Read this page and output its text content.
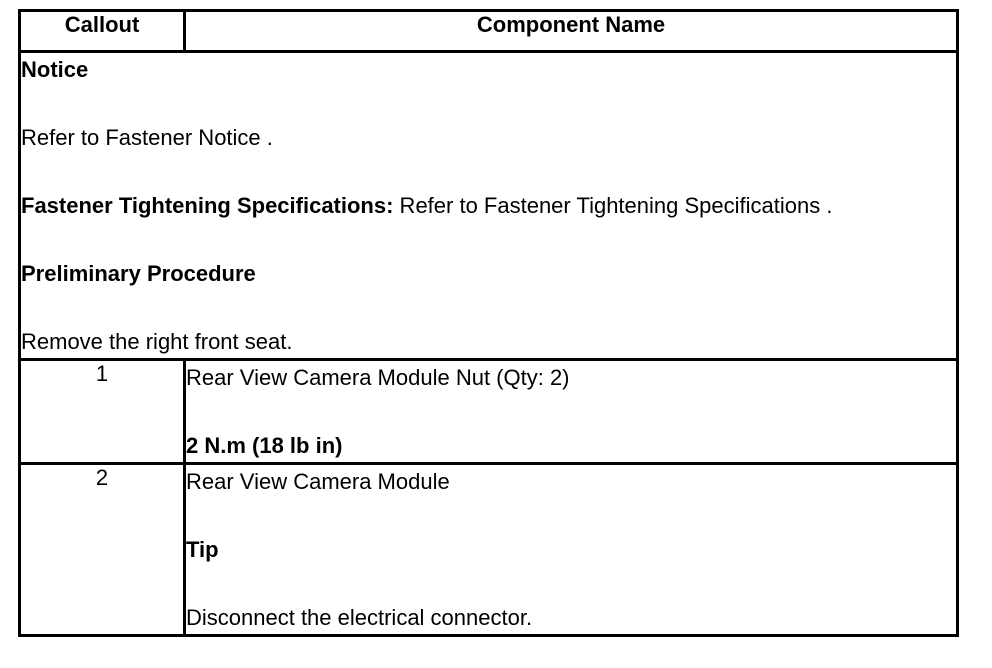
Callout	Component Name

Notice
Refer to Fastener Notice .
Fastener Tightening Specifications: Refer to Fastener Tightening Specifications .
Preliminary Procedure
Remove the right front seat.	

1	Rear View Camera Module Nut (Qty: 2)
2 N.m (18 lb in)

2	Rear View Camera Module
Tip
Disconnect the electrical connector.
